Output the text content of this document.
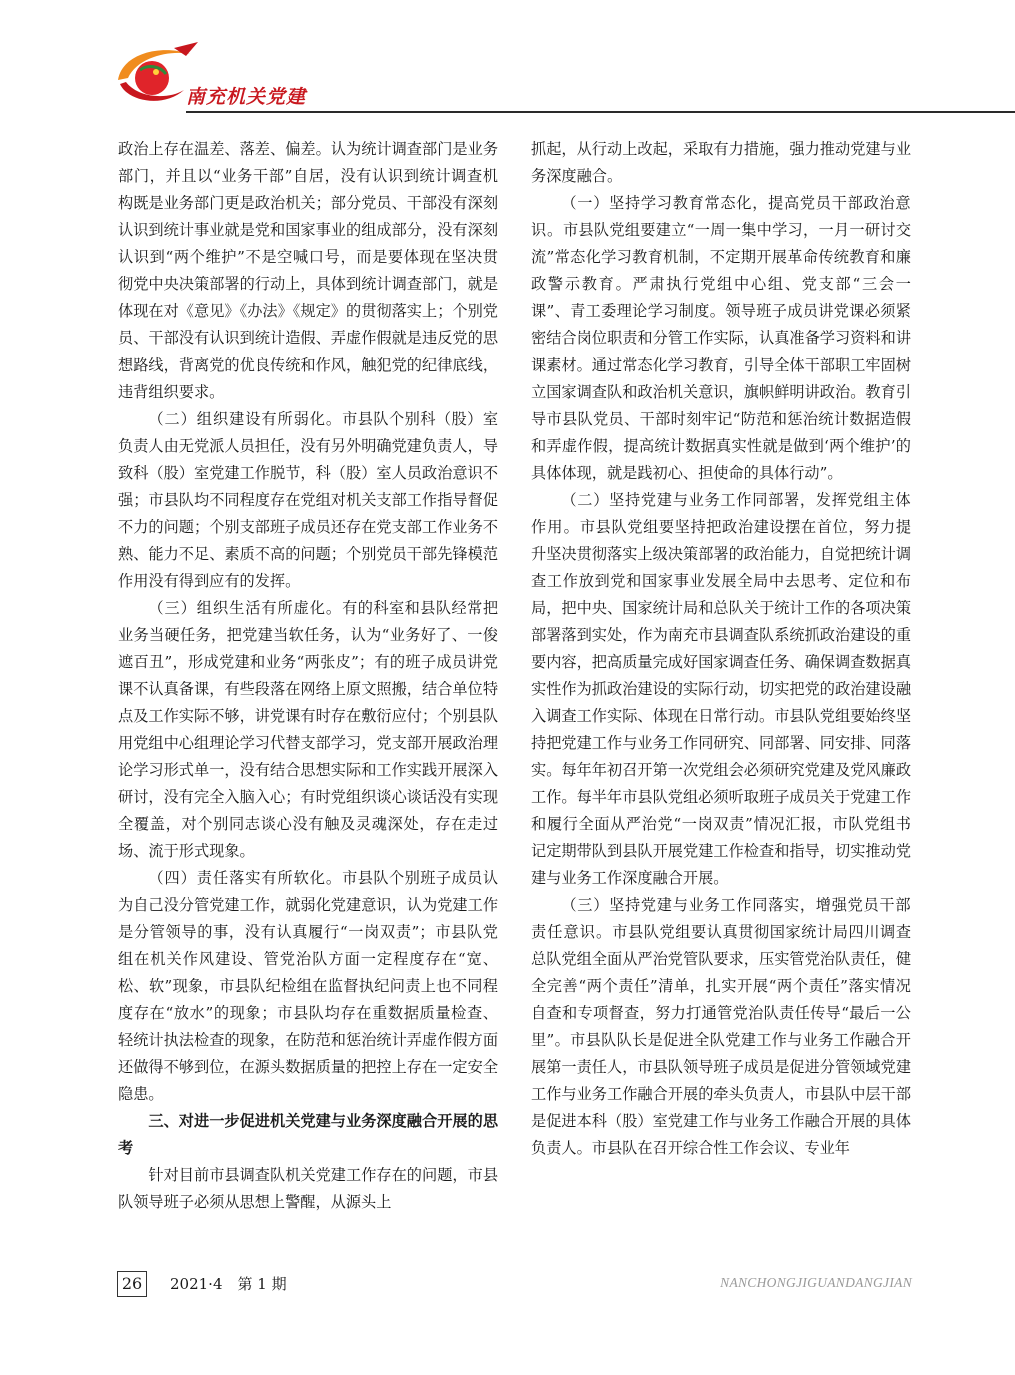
南充机关党建

政治上存在温差、落差、偏差。认为统计调查部门是业务部门，并且以“业务干部”自居，没有认识到统计调查机构既是业务部门更是政治机关；部分党员、干部没有深刻认识到统计事业就是党和国家事业的组成部分，没有深刻认识到“两个维护”不是空喊口号，而是要体现在坚决贯彻党中央决策部署的行动上，具体到统计调查部门，就是体现在对《意见》《办法》《规定》的贯彻落实上；个别党员、干部没有认识到统计造假、弄虚作假就是违反党的思想路线，背离党的优良传统和作风，触犯党的纪律底线，违背组织要求。

（二）组织建设有所弱化。市县队个别科（股）室负责人由无党派人员担任，没有另外明确党建负责人，导致科（股）室党建工作脱节，科（股）室人员政治意识不强；市县队均不同程度存在党组对机关支部工作指导督促不力的问题；个别支部班子成员还存在党支部工作业务不熟、能力不足、素质不高的问题；个别党员干部先锋模范作用没有得到应有的发挥。

（三）组织生活有所虚化。有的科室和县队经常把业务当硬任务，把党建当软任务，认为“业务好了、一俊遮百丑”，形成党建和业务“两张皮”；有的班子成员讲党课不认真备课，有些段落在网络上原文照搬，结合单位特点及工作实际不够，讲党课有时存在敷衍应付；个别县队用党组中心组理论学习代替支部学习，党支部开展政治理论学习形式单一，没有结合思想实际和工作实践开展深入研讨，没有完全入脑入心；有时党组织谈心谈话没有实现全覆盖，对个别同志谈心没有触及灵魂深处，存在走过场、流于形式现象。

（四）责任落实有所软化。市县队个别班子成员认为自己没分管党建工作，就弱化党建意识，认为党建工作是分管领导的事，没有认真履行“一岗双责”；市县队党组在机关作风建设、管党治队方面一定程度存在“宽、松、软”现象，市县队纪检组在监督执纪问责上也不同程度存在“放水”的现象；市县队均存在重数据质量检查、轻统计执法检查的现象，在防范和惩治统计弄虚作假方面还做得不够到位，在源头数据质量的把控上存在一定安全隐患。

三、对进一步促进机关党建与业务深度融合开展的思考

针对目前市县调查队机关党建工作存在的问题，市县队领导班子必须从思想上警醒，从源头上

抓起，从行动上改起，采取有力措施，强力推动党建与业务深度融合。

（一）坚持学习教育常态化，提高党员干部政治意识。市县队党组要建立“一周一集中学习，一月一研讨交流”常态化学习教育机制，不定期开展革命传统教育和廉政警示教育。严肃执行党组中心组、党支部“三会一课”、青工委理论学习制度。领导班子成员讲党课必须紧密结合岗位职责和分管工作实际，认真准备学习资料和讲课素材。通过常态化学习教育，引导全体干部职工牢固树立国家调查队和政治机关意识，旗帜鲜明讲政治。教育引导市县队党员、干部时刻牢记“防范和惩治统计数据造假和弄虚作假，提高统计数据真实性就是做到‘两个维护’的具体体现，就是践初心、担使命的具体行动”。

（二）坚持党建与业务工作同部署，发挥党组主体作用。市县队党组要坚持把政治建设摆在首位，努力提升坚决贯彻落实上级决策部署的政治能力，自觉把统计调查工作放到党和国家事业发展全局中去思考、定位和布局，把中央、国家统计局和总队关于统计工作的各项决策部署落到实处，作为南充市县调查队系统抓政治建设的重要内容，把高质量完成好国家调查任务、确保调查数据真实性作为抓政治建设的实际行动，切实把党的政治建设融入调查工作实际、体现在日常行动。市县队党组要始终坚持把党建工作与业务工作同研究、同部署、同安排、同落实。每年年初召开第一次党组会必须研究党建及党风廉政工作。每半年市县队党组必须听取班子成员关于党建工作和履行全面从严治党“一岗双责”情况汇报，市队党组书记定期带队到县队开展党建工作检查和指导，切实推动党建与业务工作深度融合开展。

（三）坚持党建与业务工作同落实，增强党员干部责任意识。市县队党组要认真贯彻国家统计局四川调查总队党组全面从严治党管队要求，压实管党治队责任，健全完善“两个责任”清单，扎实开展“两个责任”落实情况自查和专项督查，努力打通管党治队责任传导“最后一公里”。市县队队长是促进全队党建工作与业务工作融合开展第一责任人，市县队领导班子成员是促进分管领域党建工作与业务工作融合开展的牵头负责人，市县队中层干部是促进本科（股）室党建工作与业务工作融合开展的具体负责人。市县队在召开综合性工作会议、专业年

26	2021·4　第 1 期	NANCHONGJIGUANDANGJIAN
